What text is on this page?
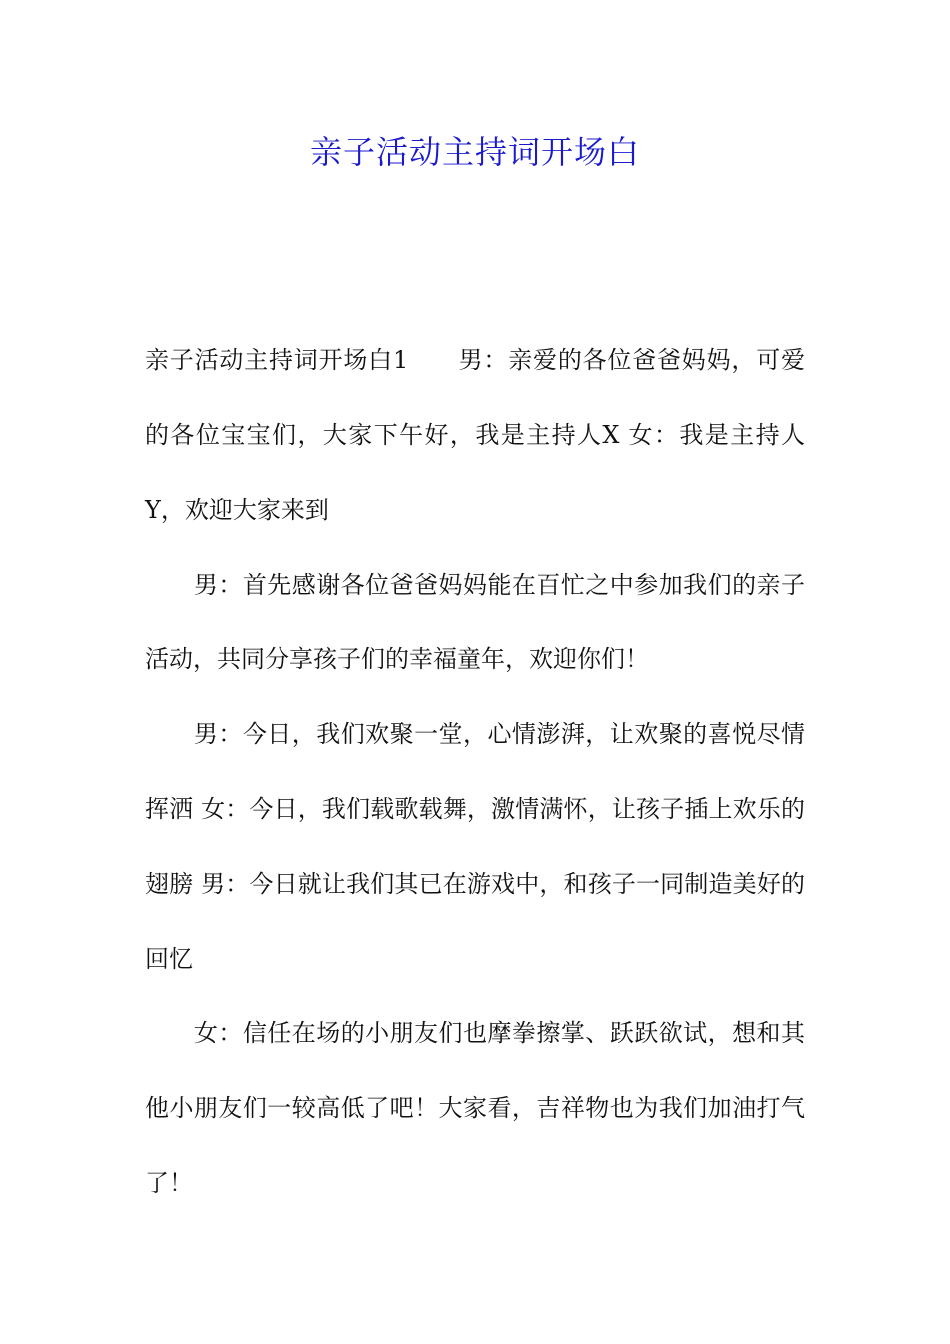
亲子活动主持词开场白
亲子活动主持词开场白1　　男：亲爱的各位爸爸妈妈，可爱
的各位宝宝们，大家下午好，我是主持人X 女：我是主持人
Y，欢迎大家来到
　　男：首先感谢各位爸爸妈妈能在百忙之中参加我们的亲子
活动，共同分享孩子们的幸福童年，欢迎你们！
　　男：今日，我们欢聚一堂，心情澎湃，让欢聚的喜悦尽情
挥洒 女：今日，我们载歌载舞，激情满怀，让孩子插上欢乐的
翅膀 男：今日就让我们其已在游戏中，和孩子一同制造美好的
回忆
　　女：信任在场的小朋友们也摩拳擦掌、跃跃欲试，想和其
他小朋友们一较高低了吧！大家看，吉祥物也为我们加油打气
了！
